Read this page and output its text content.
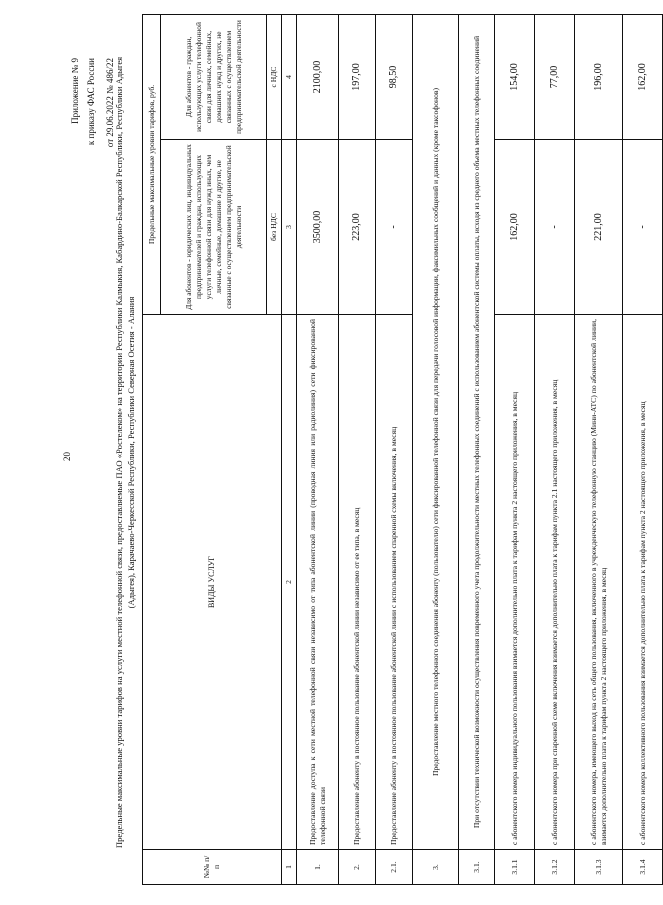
20
Приложение № 9 к приказу ФАС России от 29.06.2022 № 486/22 Предельные максимальные уровни тарифов на услуги местной телефонной связи, предоставляемые ПАО «Ростелеком» на территории Республики Калмыкия, Кабардино-Балкарской Республики, Республики Адыгея (Адыгея), Карачаево-Черкесской Республики, Республики Северная Осетия - Алания
№№ п/п	ВИДЫ УСЛУГ	Предельные максимальные уровни тарифов, руб.	
		Для абонентов - юридических лиц, индивидуальных предпринимателей и граждан, использующих услуги телефонной связи для нужд иных, чем личные, семейные, домашние и другие, не связанные с осуществлением предпринимательской деятельности	Для абонентов - граждан, использующих услуги телефонной связи для личных, семейных, домашних нужд и других, не связанных с осуществлением предпринимательской деятельности
		без НДС	с НДС
1	2	3	4
1.	Предоставление доступа к сети местной телефонной связи независимо от типа абонентской линии (проводная линия или радиолиния) сети фиксированной телефонной связи	3500,00	2100,00
2.	Предоставление абоненту в постоянное пользование абонентской линии независимо от ее типа, в месяц	223,00	197,00
2.1.	Предоставление абоненту в постоянное пользование абонентской линии с использованием спаренной схемы включения, в месяц	-	98,50
3.	Предоставление местного телефонного соединения абоненту (пользователю) сети фиксированной телефонной связи для передачи голосовой информации, факсимильных сообщений и данных (кроме таксофонов)		
3.1.	При отсутствии технической возможности осуществления повременного учета продолжительности местных телефонных соединений с использованием абонентской системы оплаты, исходя из среднего объема местных телефонных соединений		
3.1.1	с абонентского номера индивидуального пользования взимается дополнительно плата к тарифам пункта 2 настоящего приложения, в месяц	162,00	154,00
3.1.2	с абонентского номера при спаренной схеме включения взимается дополнительно плата к тарифам пункта 2.1 настоящего приложения, в месяц	-	77,00
3.1.3	с абонентского номера, имеющего выход на сеть общего пользования, включенного в учрежденческую телефонную станцию (Мини-АТС) по абонентской линии, взимается дополнительно плата к тарифам пункта 2 настоящего приложения, в месяц	221,00	196,00
3.1.4	с абонентского номера коллективного пользования взимается дополнительно плата к тарифам пункта 2 настоящего приложения, в месяц	-	162,00
